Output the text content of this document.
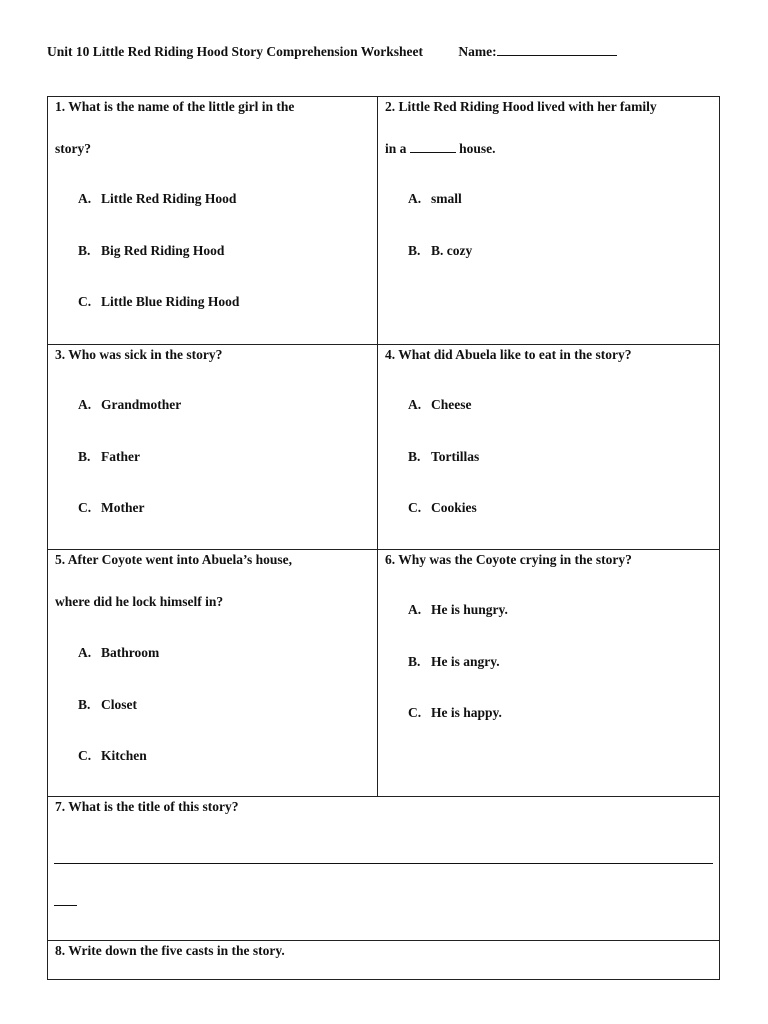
Unit 10 Little Red Riding Hood Story Comprehension Worksheet	Name:
1. What is the name of the little girl in the
story?
A. Little Red Riding Hood
B. Big Red Riding Hood
C. Little Blue Riding Hood
2. Little Red Riding Hood lived with her family
in a	house.
A. small
B. B. cozy
3. Who was sick in the story?
A. Grandmother
B. Father
C. Mother
4. What did Abuela like to eat in the story?
A. Cheese
B. Tortillas
C. Cookies
5. After Coyote went into Abuela’s house,
where did he lock himself in?
A. Bathroom
B. Closet
C. Kitchen
6. Why was the Coyote crying in the story?
A. He is hungry.
B. He is angry.
C. He is happy.
7. What is the title of this story?
8. Write down the five casts in the story.
